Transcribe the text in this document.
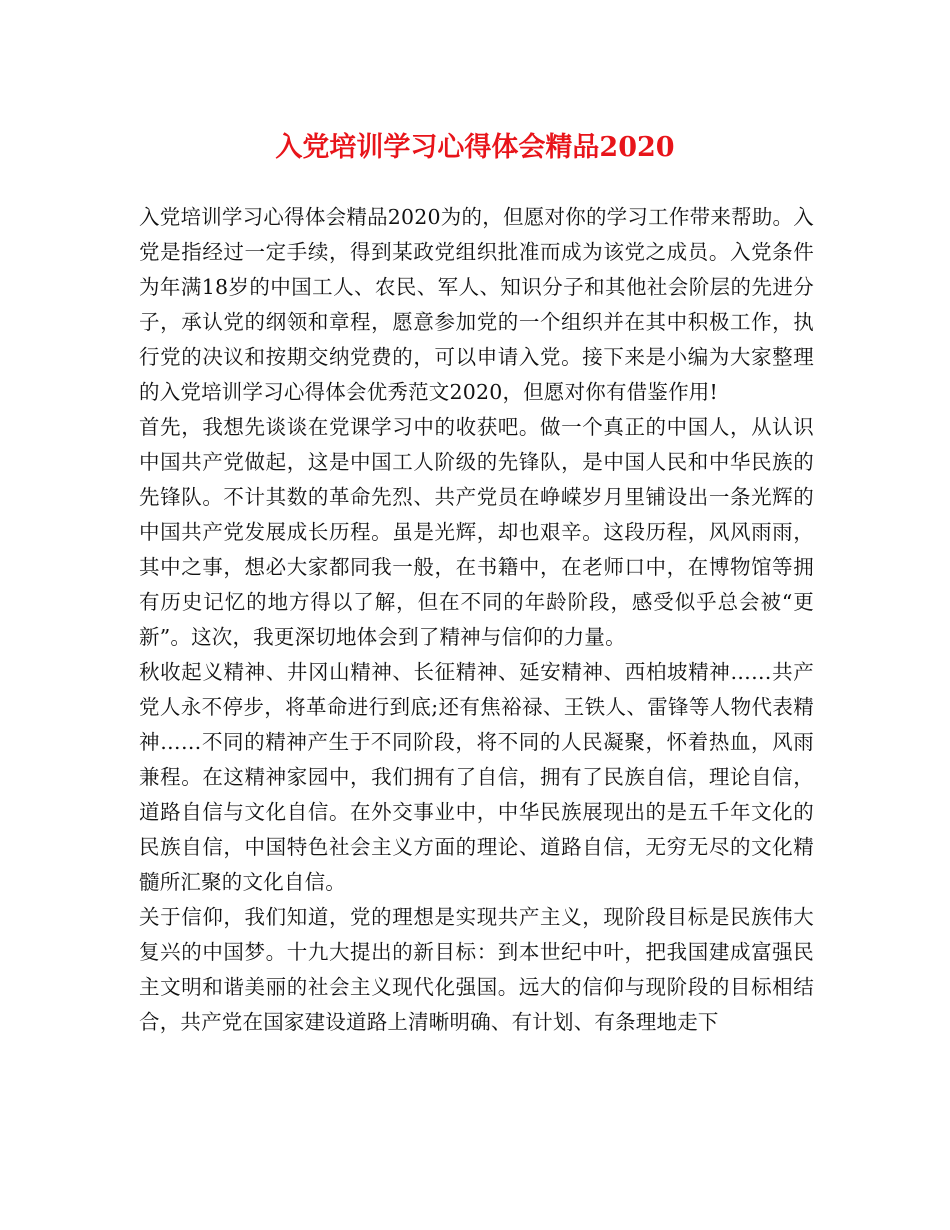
入党培训学习心得体会精品2020

入党培训学习心得体会精品2020为的，但愿对你的学习工作带来帮助。入党是指经过一定手续，得到某政党组织批准而成为该党之成员。入党条件为年满18岁的中国工人、农民、军人、知识分子和其他社会阶层的先进分子，承认党的纲领和章程，愿意参加党的一个组织并在其中积极工作，执行党的决议和按期交纳党费的，可以申请入党。接下来是小编为大家整理的入党培训学习心得体会优秀范文2020，但愿对你有借鉴作用!

首先，我想先谈谈在党课学习中的收获吧。做一个真正的中国人，从认识中国共产党做起，这是中国工人阶级的先锋队，是中国人民和中华民族的先锋队。不计其数的革命先烈、共产党员在峥嵘岁月里铺设出一条光辉的中国共产党发展成长历程。虽是光辉，却也艰辛。这段历程，风风雨雨，其中之事，想必大家都同我一般，在书籍中，在老师口中，在博物馆等拥有历史记忆的地方得以了解，但在不同的年龄阶段，感受似乎总会被“更新”。这次，我更深切地体会到了精神与信仰的力量。

秋收起义精神、井冈山精神、长征精神、延安精神、西柏坡精神……共产党人永不停步，将革命进行到底;还有焦裕禄、王铁人、雷锋等人物代表精神……不同的精神产生于不同阶段，将不同的人民凝聚，怀着热血，风雨兼程。在这精神家园中，我们拥有了自信，拥有了民族自信，理论自信，道路自信与文化自信。在外交事业中，中华民族展现出的是五千年文化的民族自信，中国特色社会主义方面的理论、道路自信，无穷无尽的文化精髓所汇聚的文化自信。

关于信仰，我们知道，党的理想是实现共产主义，现阶段目标是民族伟大复兴的中国梦。十九大提出的新目标：到本世纪中叶，把我国建成富强民主文明和谐美丽的社会主义现代化强国。远大的信仰与现阶段的目标相结合，共产党在国家建设道路上清晰明确、有计划、有条理地走下
